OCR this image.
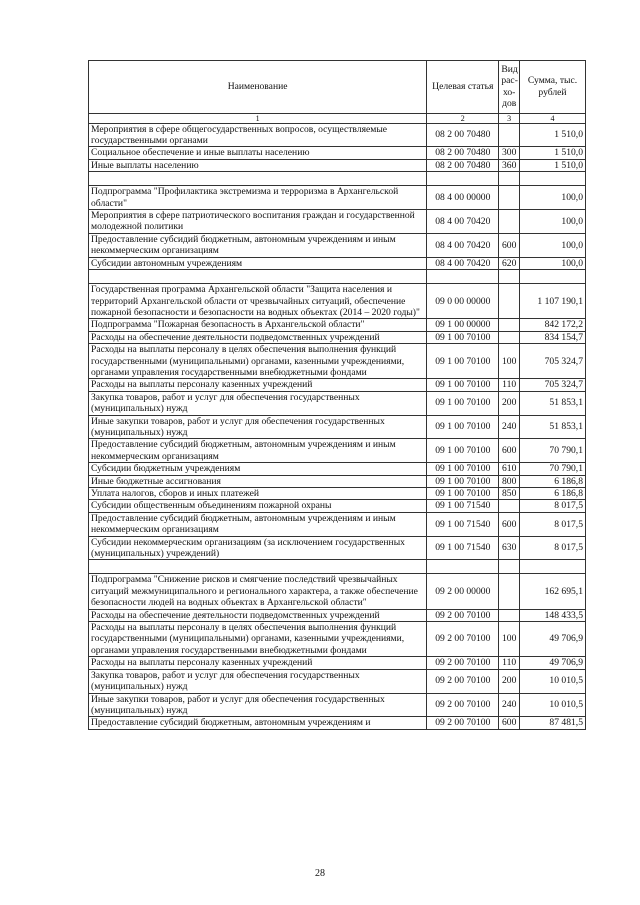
Наименование	Целевая статья	Вид рас- хо- дов	Сумма, тыс. рублей
1	2	3	4
Мероприятия в сфере общегосударственных вопросов, осуществляемые государственными органами	08 2 00 70480		1 510,0
Социальное обеспечение и иные выплаты населению	08 2 00 70480	300	1 510,0
Иные выплаты населению	08 2 00 70480	360	1 510,0

Подпрограмма "Профилактика экстремизма и терроризма в Архангельской области"	08 4 00 00000		100,0
Мероприятия в сфере патриотического воспитания граждан и государственной молодежной политики	08 4 00 70420		100,0
Предоставление субсидий бюджетным, автономным учреждениям и иным некоммерческим организациям	08 4 00 70420	600	100,0
Субсидии автономным учреждениям	08 4 00 70420	620	100,0

Государственная программа Архангельской области "Защита населения и территорий Архангельской области от чрезвычайных ситуаций, обеспечение пожарной безопасности и безопасности на водных объектах (2014 – 2020 годы)"	09 0 00 00000		1 107 190,1
Подпрограмма "Пожарная безопасность в Архангельской области"	09 1 00 00000		842 172,2
Расходы на обеспечение деятельности подведомственных учреждений	09 1 00 70100		834 154,7
Расходы на выплаты персоналу в целях обеспечения выполнения функций государственными (муниципальными) органами, казенными учреждениями, органами управления государственными внебюджетными фондами	09 1 00 70100	100	705 324,7
Расходы на выплаты персоналу казенных учреждений	09 1 00 70100	110	705 324,7
Закупка товаров, работ и услуг для обеспечения государственных (муниципальных) нужд	09 1 00 70100	200	51 853,1
Иные закупки товаров, работ и услуг для обеспечения государственных (муниципальных) нужд	09 1 00 70100	240	51 853,1
Предоставление субсидий бюджетным, автономным учреждениям и иным некоммерческим организациям	09 1 00 70100	600	70 790,1
Субсидии бюджетным учреждениям	09 1 00 70100	610	70 790,1
Иные бюджетные ассигнования	09 1 00 70100	800	6 186,8
Уплата налогов, сборов и иных платежей	09 1 00 70100	850	6 186,8
Субсидии общественным объединениям пожарной охраны	09 1 00 71540		8 017,5
Предоставление субсидий бюджетным, автономным учреждениям и иным некоммерческим организациям	09 1 00 71540	600	8 017,5
Субсидии некоммерческим организациям (за исключением государственных (муниципальных) учреждений)	09 1 00 71540	630	8 017,5

Подпрограмма "Снижение рисков и смягчение последствий чрезвычайных ситуаций межмуниципального и регионального характера, а также обеспечение безопасности людей на водных объектах в Архангельской области"	09 2 00 00000		162 695,1
Расходы на обеспечение деятельности подведомственных учреждений	09 2 00 70100		148 433,5
Расходы на выплаты персоналу в целях обеспечения выполнения функций государственными (муниципальными) органами, казенными учреждениями, органами управления государственными внебюджетными фондами	09 2 00 70100	100	49 706,9
Расходы на выплаты персоналу казенных учреждений	09 2 00 70100	110	49 706,9
Закупка товаров, работ и услуг для обеспечения государственных (муниципальных) нужд	09 2 00 70100	200	10 010,5
Иные закупки товаров, работ и услуг для обеспечения государственных (муниципальных) нужд	09 2 00 70100	240	10 010,5
Предоставление субсидий бюджетным, автономным учреждениям и	09 2 00 70100	600	87 481,5
28
